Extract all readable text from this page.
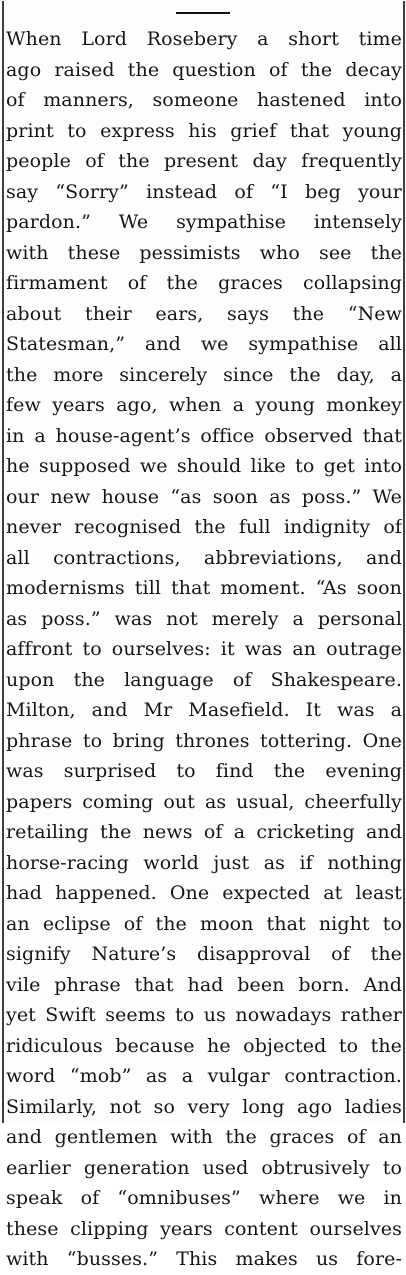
When Lord Rosebery a short time
ago raised the question of the decay
of manners, someone hastened into
print to express his grief that young
people of the present day frequently
say “Sorry” instead of “I beg your
pardon.” We sympathise intensely
with these pessimists who see the
firmament of the graces collapsing
about their ears, says the “New
Statesman,” and we sympathise all
the more sincerely since the day, a
few years ago, when a young monkey
in a house-agent’s office observed that
he supposed we should like to get into
our new house “as soon as poss.” We
never recognised the full indignity of
all contractions, abbreviations, and
modernisms till that moment. “As soon
as poss.” was not merely a personal
affront to ourselves: it was an outrage
upon the language of Shakespeare.
Milton, and Mr Masefield. It was a
phrase to bring thrones tottering. One
was surprised to find the evening
papers coming out as usual, cheerfully
retailing the news of a cricketing and
horse-racing world just as if nothing
had happened. One expected at least
an eclipse of the moon that night to
signify Nature’s disapproval of the
vile phrase that had been born. And
yet Swift seems to us nowadays rather
ridiculous because he objected to the
word “mob” as a vulgar contraction.
Similarly, not so very long ago ladies
and gentlemen with the graces of an
earlier generation used obtrusively to
speak of “omnibuses” where we in
these clipping years content ourselves
with “busses.” This makes us fore-
